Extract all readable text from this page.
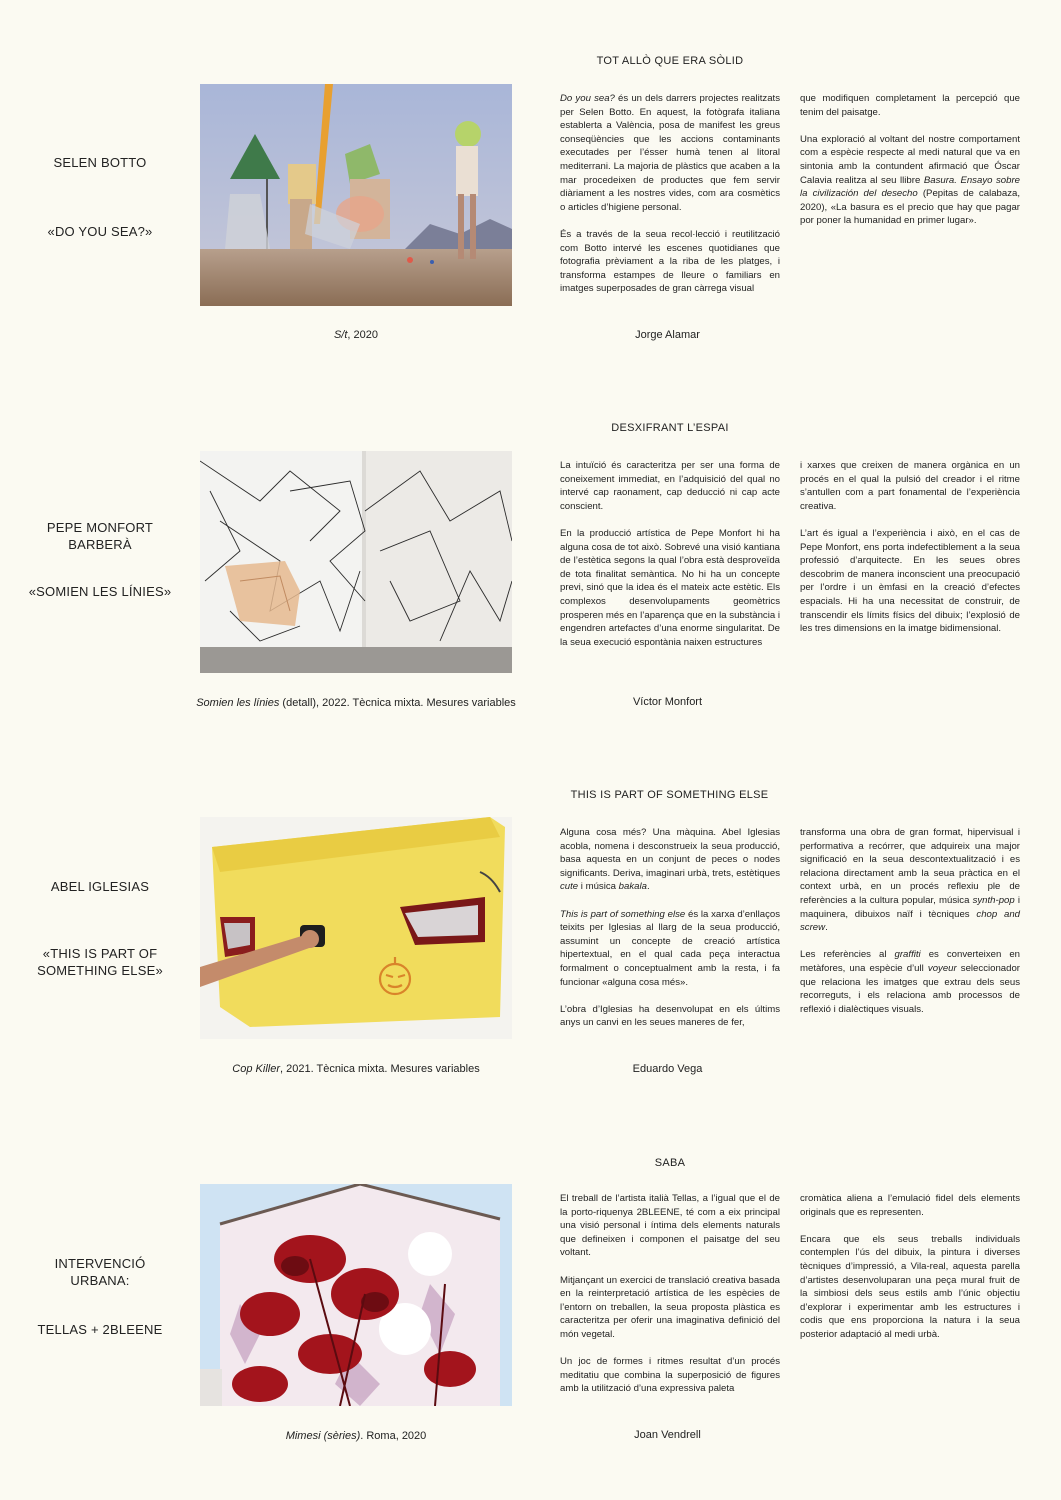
SELEN BOTTO
«DO YOU SEA?»
S/t, 2020
TOT ALLÒ QUE ERA SÒLID

Do you sea? és un dels darrers projectes realitzats per Selen Botto. En aquest, la fotògrafa italiana establerta a València, posa de manifest les greus conseqüències que les accions contaminants executades per l’ésser humà tenen al litoral mediterrani. La majoria de plàstics que acaben a la mar procedeixen de productes que fem servir diàriament a les nostres vides, com ara cosmètics o articles d’higiene personal.

És a través de la seua recol·lecció i reutilització com Botto intervé les escenes quotidianes que fotografia prèviament a la riba de les platges, i transforma estampes de lleure o familiars en imatges superposades de gran càrrega visual

que modifiquen completament la percepció que tenim del paisatge.

Una exploració al voltant del nostre comportament com a espècie respecte al medi natural que va en sintonia amb la contundent afirmació que Óscar Calavia realitza al seu llibre Basura. Ensayo sobre la civilización del desecho (Pepitas de calabaza, 2020), «La basura es el precio que hay que pagar por poner la humanidad en primer lugar».

Jorge Alamar
PEPE MONFORT BARBERÀ
«SOMIEN LES LÍNIES»
Somien les línies (detall), 2022. Tècnica mixta. Mesures variables
DESXIFRANT L’ESPAI

La intuïció és caracteritza per ser una forma de coneixement immediat, en l’adquisició del qual no intervé cap raonament, cap deducció ni cap acte conscient.

En la producció artística de Pepe Monfort hi ha alguna cosa de tot això. Sobrevé una visió kantiana de l’estètica segons la qual l’obra està desproveïda de tota finalitat semàntica. No hi ha un concepte previ, sinó que la idea és el mateix acte estètic. Els complexos desenvolupaments geomètrics prosperen més en l’aparença que en la substància i engendren artefactes d’una enorme singularitat. De la seua execució espontània naixen estructures

i xarxes que creixen de manera orgànica en un procés en el qual la pulsió del creador i el ritme s’antullen com a part fonamental de l’experiència creativa.

L’art és igual a l’experiència i això, en el cas de Pepe Monfort, ens porta indefectiblement a la seua professió d’arquitecte. En les seues obres descobrim de manera inconscient una preocupació per l’ordre i un èmfasi en la creació d’efectes espacials. Hi ha una necessitat de construir, de transcendir els límits físics del dibuix; l’explosió de les tres dimensions en la imatge bidimensional.

Víctor Monfort
ABEL IGLESIAS
«THIS IS PART OF SOMETHING ELSE»
Cop Killer, 2021. Tècnica mixta. Mesures variables
THIS IS PART OF SOMETHING ELSE

Alguna cosa més? Una màquina. Abel Iglesias acobla, nomena i desconstrueix la seua producció, basa aquesta en un conjunt de peces o nodes significants. Deriva, imaginari urbà, trets, estètiques cute i música bakala.

This is part of something else és la xarxa d’enllaços teixits per Iglesias al llarg de la seua producció, assumint un concepte de creació artística hipertextual, en el qual cada peça interactua formalment o conceptualment amb la resta, i fa funcionar «alguna cosa més».

L’obra d’Iglesias ha desenvolupat en els últims anys un canvi en les seues maneres de fer,

transforma una obra de gran format, hipervisual i performativa a recórrer, que adquireix una major significació en la seua descontextualització i es relaciona directament amb la seua pràctica en el context urbà, en un procés reflexiu ple de referències a la cultura popular, música synth-pop i maquinera, dibuixos naïf i tècniques chop and screw.

Les referències al graffiti es converteixen en metàfores, una espècie d’ull voyeur seleccionador que relaciona les imatges que extrau dels seus recorreguts, i els relaciona amb processos de reflexió i dialèctiques visuals.

Eduardo Vega
INTERVENCIÓ
URBANA:
TELLAS + 2BLEENE
Mimesi (sèries). Roma, 2020
SABA

El treball de l’artista italià Tellas, a l’igual que el de la porto-riquenya 2BLEENE, té com a eix principal una visió personal i íntima dels elements naturals que defineixen i componen el paisatge del seu voltant.

Mitjançant un exercici de translació creativa basada en la reinterpretació artística de les espècies de l’entorn on treballen, la seua proposta plàstica es caracteritza per oferir una imaginativa definició del món vegetal.

Un joc de formes i ritmes resultat d’un procés meditatiu que combina la superposició de figures amb la utilització d’una expressiva paleta

cromàtica aliena a l’emulació fidel dels elements originals que es representen.

Encara que els seus treballs individuals contemplen l’ús del dibuix, la pintura i diverses tècniques d’impressió, a Vila-real, aquesta parella d’artistes desenvoluparan una peça mural fruit de la simbiosi dels seus estils amb l’únic objectiu d’explorar i experimentar amb les estructures i codis que ens proporciona la natura i la seua posterior adaptació al medi urbà.

Joan Vendrell
